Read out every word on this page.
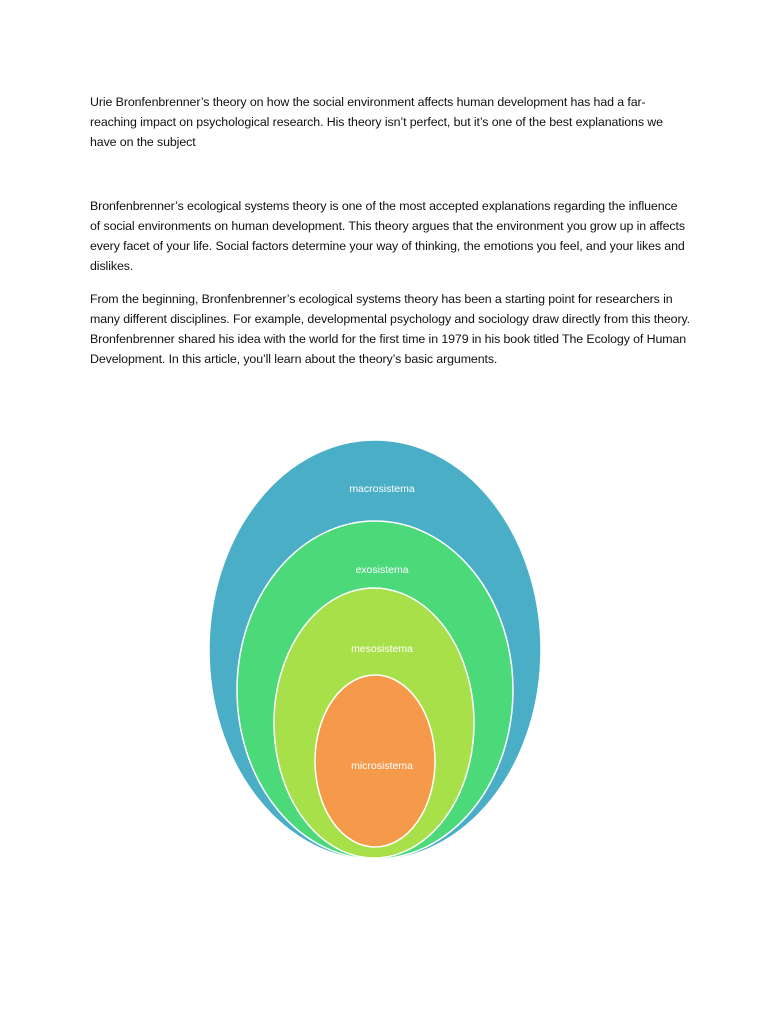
Urie Bronfenbrenner’s theory on how the social environment affects human development has had a far-reaching impact on psychological research. His theory isn’t perfect, but it’s one of the best explanations we have on the subject

Bronfenbrenner’s ecological systems theory is one of the most accepted explanations regarding the influence of social environments on human development. This theory argues that the environment you grow up in affects every facet of your life. Social factors determine your way of thinking, the emotions you feel, and your likes and dislikes.

From the beginning, Bronfenbrenner’s ecological systems theory has been a starting point for researchers in many different disciplines. For example, developmental psychology and sociology draw directly from this theory. Bronfenbrenner shared his idea with the world for the first time in 1979 in his book titled The Ecology of Human Development. In this article, you’ll learn about the theory’s basic arguments.

macrosistema
exosistema
mesosistema
microsistema
